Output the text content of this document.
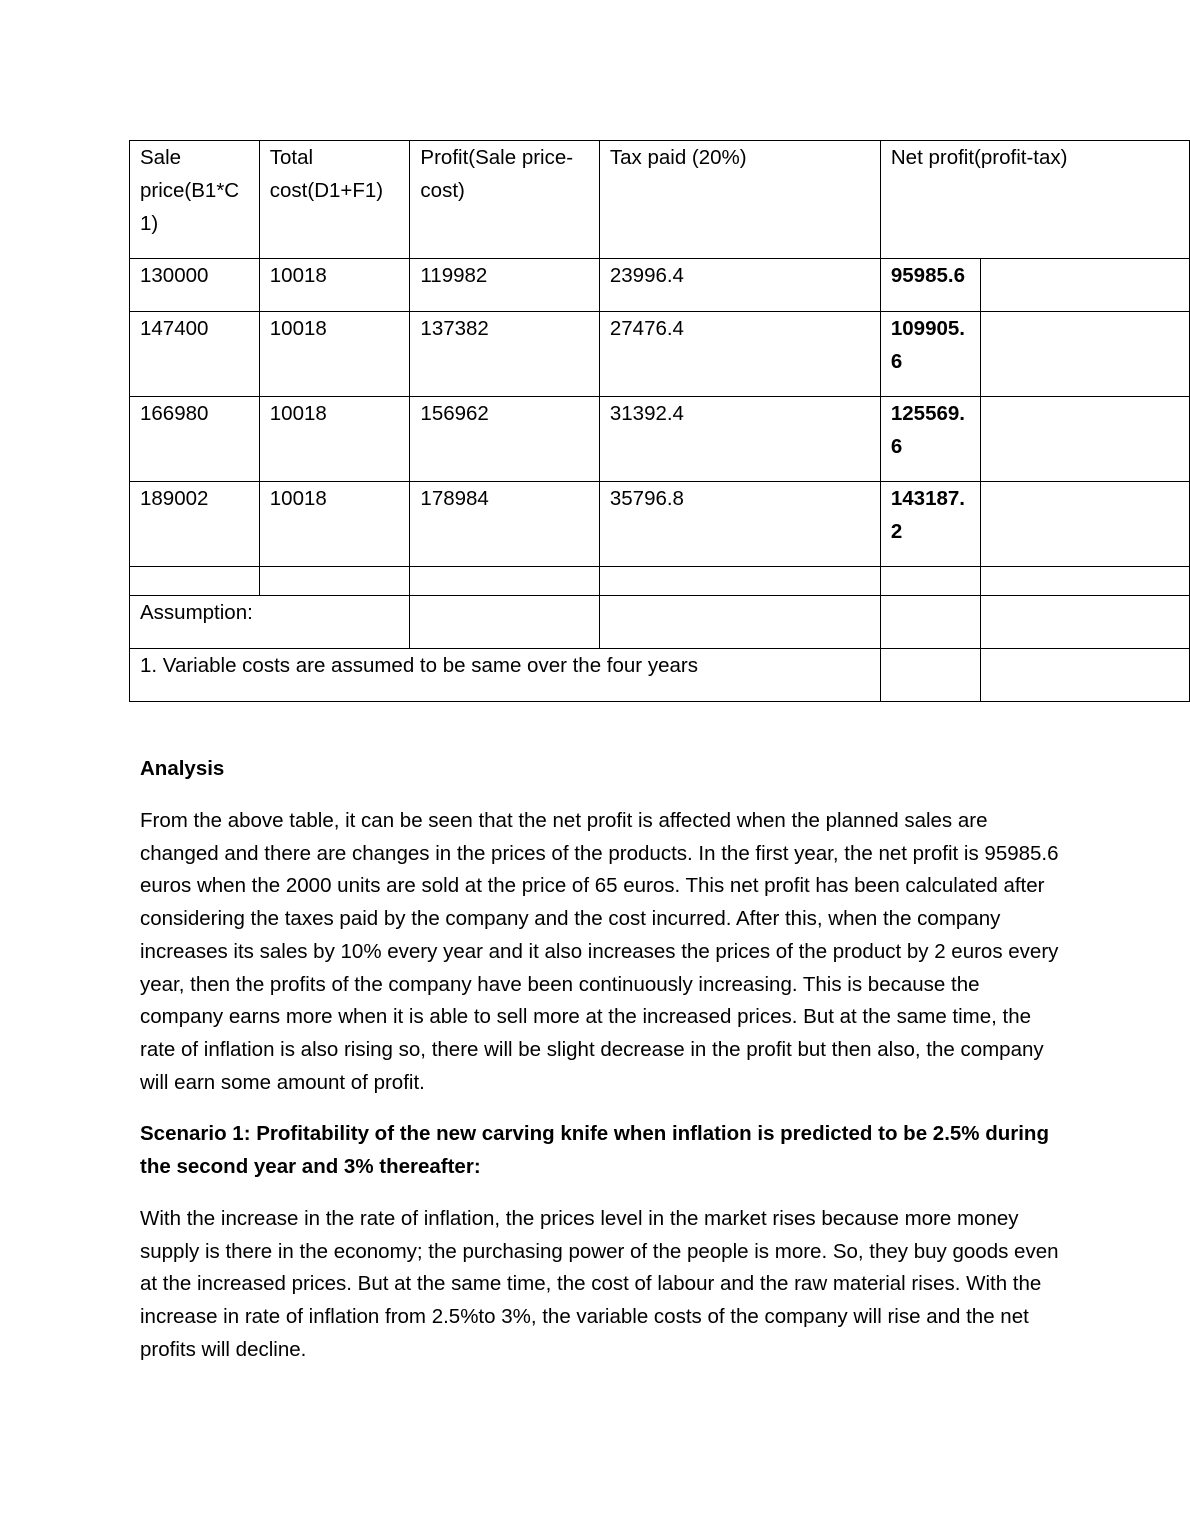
Sale price(B1*C 1)	Total cost(D1+F1)	Profit(Sale price-cost)	Tax paid (20%)	Net profit(profit-tax)	
130000	10018	119982	23996.4	95985.6	
147400	10018	137382	27476.4	109905. 6	
166980	10018	156962	31392.4	125569. 6	
189002	10018	178984	35796.8	143187. 2	

Assumption:					
1. Variable costs are assumed to be same over the four years					
Analysis

From the above table, it can be seen that the net profit is affected when the planned sales are changed and there are changes in the prices of the products. In the first year, the net profit is 95985.6 euros when the 2000 units are sold at the price of 65 euros. This net profit has been calculated after considering the taxes paid by the company and the cost incurred. After this, when the company increases its sales by 10% every year and it also increases the prices of the product by 2 euros every year, then the profits of the company have been continuously increasing. This is because the company earns more when it is able to sell more at the increased prices. But at the same time, the rate of inflation is also rising so, there will be slight decrease in the profit but then also, the company will earn some amount of profit.

Scenario 1: Profitability of the new carving knife when inflation is predicted to be 2.5% during the second year and 3% thereafter:

With the increase in the rate of inflation, the prices level in the market rises because more money supply is there in the economy; the purchasing power of the people is more. So, they buy goods even at the increased prices. But at the same time, the cost of labour and the raw material rises. With the increase in rate of inflation from 2.5%to 3%, the variable costs of the company will rise and the net profits will decline.
